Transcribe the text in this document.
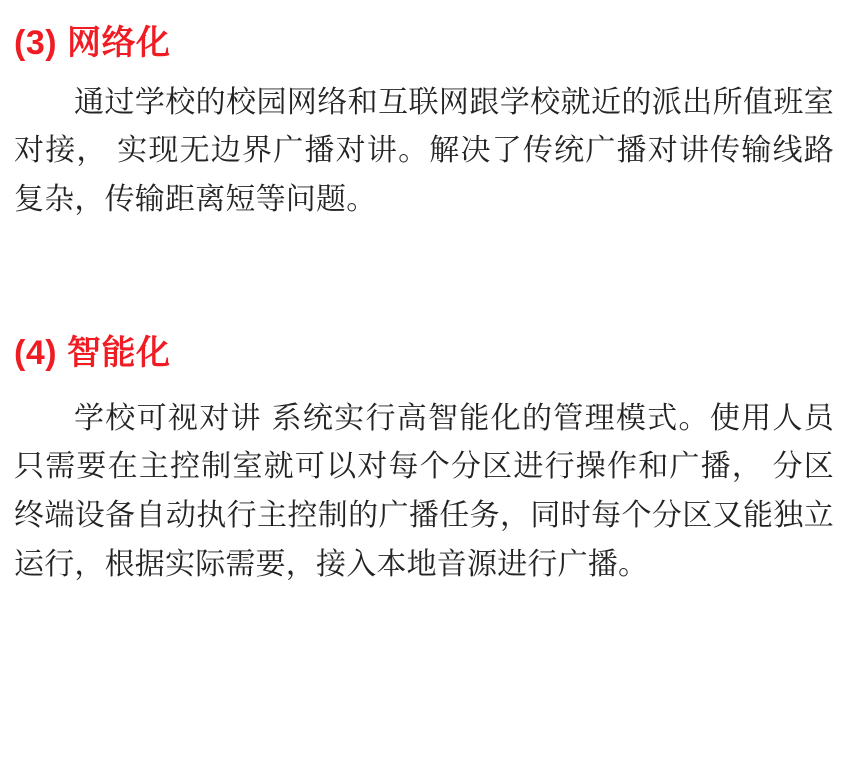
(3) 网络化

通过学校的校园网络和互联网跟学校就近的派出所值班室对接， 实现无边界广播对讲。解决了传统广播对讲传输线路复杂，传输距离短等问题。

(4) 智能化

学校可视对讲 系统实行高智能化的管理模式。使用人员只需要在主控制室就可以对每个分区进行操作和广播， 分区终端设备自动执行主控制的广播任务，同时每个分区又能独立运行，根据实际需要，接入本地音源进行广播。
